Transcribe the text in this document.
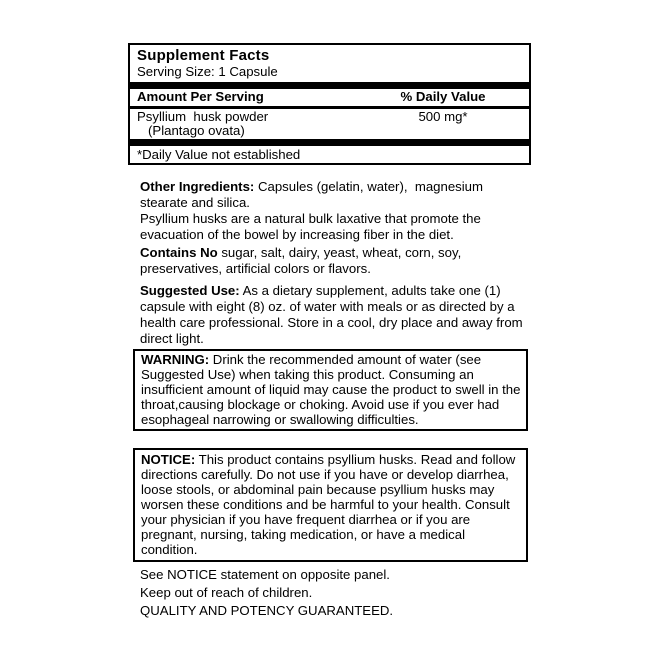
Supplement Facts
Serving Size: 1 Capsule
Amount Per Serving	% Daily Value
Psyllium  husk powder
(Plantago ovata)
500 mg*
*Daily Value not established

Other Ingredients: Capsules (gelatin, water),  magnesium stearate and silica.

Psyllium husks are a natural bulk laxative that promote the evacuation of the bowel by increasing fiber in the diet.

Contains No sugar, salt, dairy, yeast, wheat, corn, soy, preservatives, artificial colors or flavors.

Suggested Use: As a dietary supplement, adults take one (1) capsule with eight (8) oz. of water with meals or as directed by a health care professional. Store in a cool, dry place and away from direct light.

WARNING: Drink the recommended amount of water (see Suggested Use) when taking this product. Consuming an insufficient amount of liquid may cause the product to swell in the throat,causing blockage or choking. Avoid use if you ever had esophageal narrowing or swallowing difficulties.
NOTICE: This product contains psyllium husks. Read and follow directions carefully. Do not use if you have or develop diarrhea, loose stools, or abdominal pain because psyllium husks may worsen these conditions and be harmful to your health. Consult your physician if you have frequent diarrhea or if you are pregnant, nursing, taking medication, or have a medical condition.

See NOTICE statement on opposite panel.

Keep out of reach of children.

QUALITY AND POTENCY GUARANTEED.
